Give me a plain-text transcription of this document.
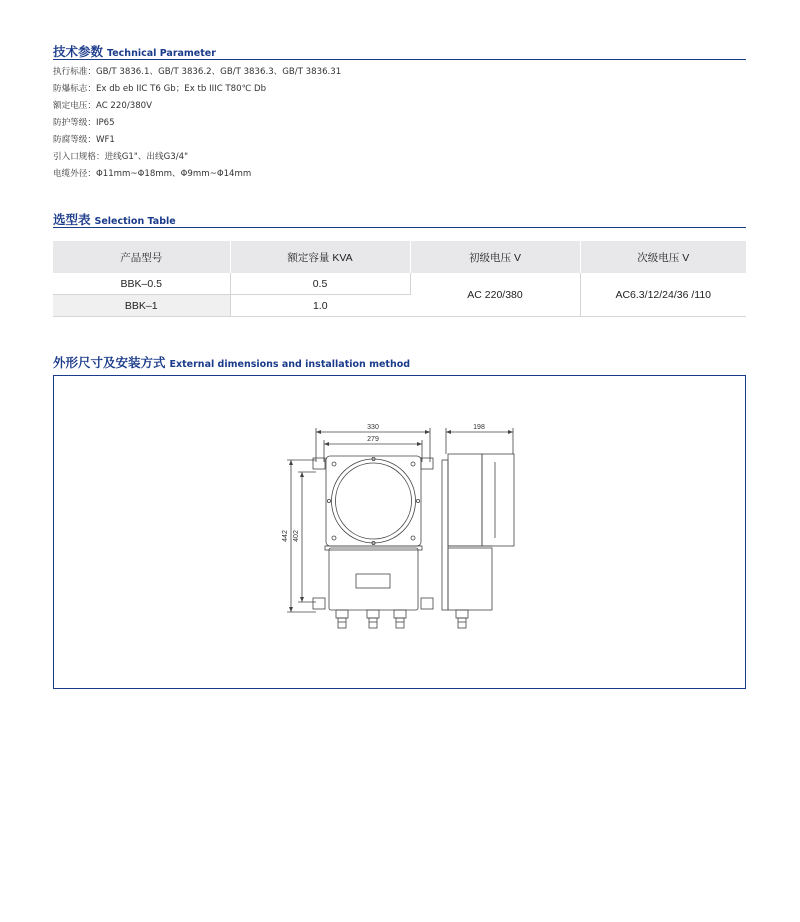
$_{技术参数}$ $_{Technical Parameter}$
执行标准：GB/T 3836.1、GB/T 3836.2、GB/T 3836.3、GB/T 3836.31
防爆标志：Ex db eb IIC T6 Gb；Ex tb IIIC T80℃ Db
额定电压：AC 220/380V
防护等级：IP65
防腐等级：WF1
引入口规格：进线G1"、出线G3/4"
电缆外径：Φ11mm~Φ18mm、Φ9mm~Φ14mm
$_{选型表}$ $_{Selection Table}$
产品型号	额定容量 KVA	初级电压 V	次级电压 V
BBK–0.5	0.5	AC 220/380	AC6.3/12/24/36 /110
BBK–1	1.0		
$_{外形尺寸及安装方式}$ $_{External dimensions and installation method}$
330
279
442 402
198
